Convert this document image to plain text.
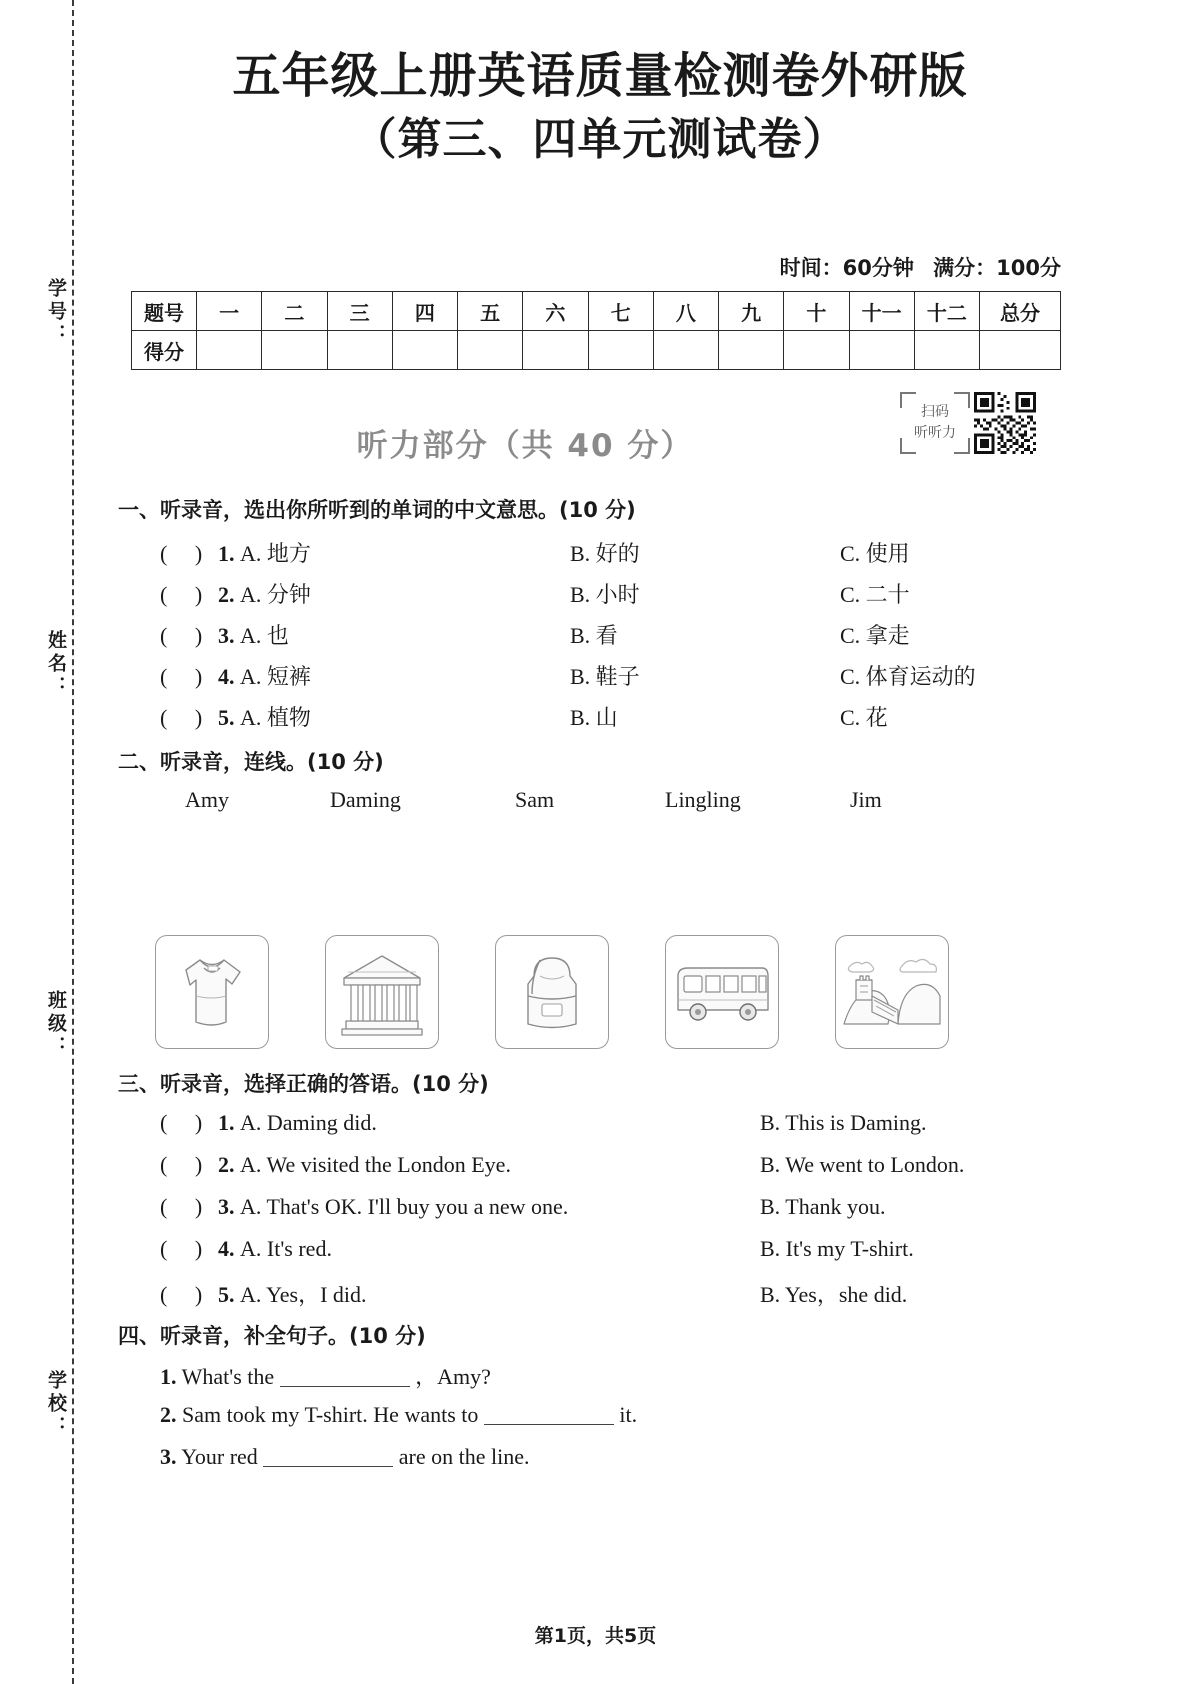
学号：
姓名：
班级：
学校：
五年级上册英语质量检测卷外研版
（第三、四单元测试卷）
时间：60分钟 满分：100分
题号	一	二	三	四	五	六	七	八	九	十	十一	十二	总分
得分													
听力部分（共 40 分）
扫码
听听力
一、听录音，选出你所听到的单词的中文意思。(10 分)
(     ) 1. A. 地方	B. 好的	C. 使用
(     ) 2. A. 分钟	B. 小时	C. 二十
(     ) 3. A. 也	B. 看	C. 拿走
(     ) 4. A. 短裤	B. 鞋子	C. 体育运动的
(     ) 5. A. 植物	B. 山	C. 花
二、听录音，连线。(10 分)
Amy	Daming	Sam	Lingling	Jim
三、听录音，选择正确的答语。(10 分)
(     ) 1. A. Daming did.	B. This is Daming.
(     ) 2. A. We visited the London Eye.	B. We went to London.
(     ) 3. A. That's OK. I'll buy you a new one.	B. Thank you.
(     ) 4. A. It's red.	B. It's my T-shirt.
(     ) 5. A. Yes，I did.	B. Yes，she did.
四、听录音，补全句子。(10 分)
1. What's the	，Amy?
2. Sam took my T-shirt. He wants to	it.
3. Your red	are on the line.
第1页，共5页
